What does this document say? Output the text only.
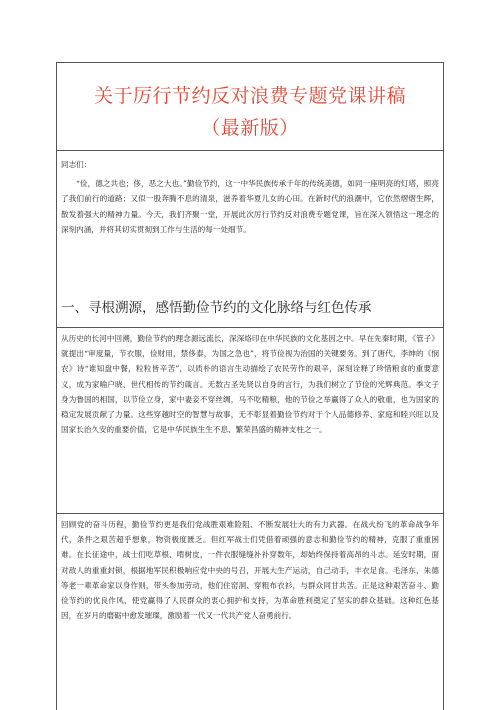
关于厉行节约反对浪费专题党课讲稿
（最新版）

同志们：

“俭，德之共也；侈，恶之大也。”勤俭节约，这一中华民族传承千年的传统美德，如同一座明亮的灯塔，照亮了我们前行的道路；又似一股奔腾不息的清泉，滋养着华夏儿女的心田。在新时代的浪潮中，它依然熠熠生辉，散发着强大的精神力量。今天，我们齐聚一堂，开展此次厉行节约反对浪费专题党课，旨在深入领悟这一理念的深刻内涵，并将其切实贯彻到工作与生活的每一处细节。

一、寻根溯源，感悟勤俭节约的文化脉络与红色传承

从历史的长河中回溯，勤俭节约的理念源远流长，深深烙印在中华民族的文化基因之中。早在先秦时期，《管子》就提出“审度量，节衣服，俭财用，禁侈泰，为国之急也”，将节俭视为治国的关键要务。到了唐代，李绅的《悯农》诗“谁知盘中餐，粒粒皆辛苦”，以质朴的语言生动描绘了农民劳作的艰辛，深刻诠释了珍惜粮食的重要意义，成为家喻户晓、世代相传的节约箴言。无数古圣先贤以自身的言行，为我们树立了节俭的光辉典范。季文子身为鲁国的相国，以节俭立身，家中妻妾不穿丝绸，马不吃精粮，他的节俭之举赢得了众人的敬重，也为国家的稳定发展贡献了力量。这些穿越时空的智慧与故事，无不彰显着勤俭节约对于个人品德修养、家庭和睦兴旺以及国家长治久安的重要价值，它是中华民族生生不息、繁荣昌盛的精神支柱之一。

回顾党的奋斗历程，勤俭节约更是我们党战胜艰难险阻、不断发展壮大的有力武器。在战火纷飞的革命战争年代，条件之艰苦超乎想象，物资极度匮乏。但红军战士们凭借着顽强的意志和勤俭节约的精神，克服了重重困难。在长征途中，战士们吃草根、啃树皮，一件衣服缝缝补补穿数年，却始终保持着高昂的斗志。延安时期，面对敌人的重重封锁，根据地军民积极响应党中央的号召，开展大生产运动，自己动手，丰衣足食。毛泽东、朱德等老一辈革命家以身作则，带头参加劳动，他们住窑洞、穿粗布衣衫，与群众同甘共苦。正是这种艰苦奋斗、勤俭节约的优良作风，使党赢得了人民群众的衷心拥护和支持，为革命胜利奠定了坚实的群众基础。这种红色基因，在岁月的磨砺中愈发璀璨，激励着一代又一代共产党人奋勇前行。
